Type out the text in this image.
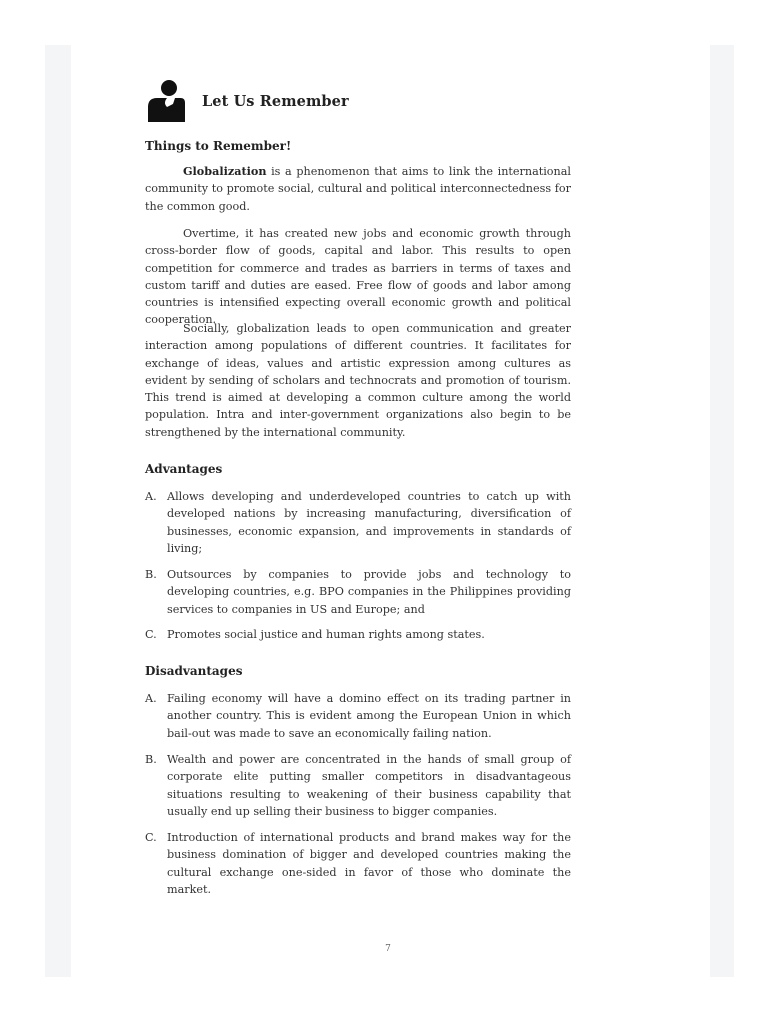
Let Us Remember
Things to Remember!

Globalization is a phenomenon that aims to link the international community to promote social, cultural and political interconnectedness for the common good.

Overtime, it has created new jobs and economic growth through cross-border flow of goods, capital and labor. This results to open competition for commerce and trades as barriers in terms of taxes and custom tariff and duties are eased. Free flow of goods and labor among countries is intensified expecting overall economic growth and political cooperation.

Socially, globalization leads to open communication and greater interaction among populations of different countries. It facilitates for exchange of ideas, values and artistic expression among cultures as evident by sending of scholars and technocrats and promotion of tourism. This trend is aimed at developing a common culture among the world population. Intra and inter-government organizations also begin to be strengthened by the international community.

Advantages
A. Allows developing and underdeveloped countries to catch up with developed nations by increasing manufacturing, diversification of businesses, economic expansion, and improvements in standards of living;
B. Outsources by companies to provide jobs and technology to developing countries, e.g. BPO companies in the Philippines providing services to companies in US and Europe; and
C. Promotes social justice and human rights among states.
Disadvantages
A. Failing economy will have a domino effect on its trading partner in another country. This is evident among the European Union in which bail-out was made to save an economically failing nation.
B. Wealth and power are concentrated in the hands of small group of corporate elite putting smaller competitors in disadvantageous situations resulting to weakening of their business capability that usually end up selling their business to bigger companies.
C. Introduction of international products and brand makes way for the business domination of bigger and developed countries making the cultural exchange one-sided in favor of those who dominate the market.
7
